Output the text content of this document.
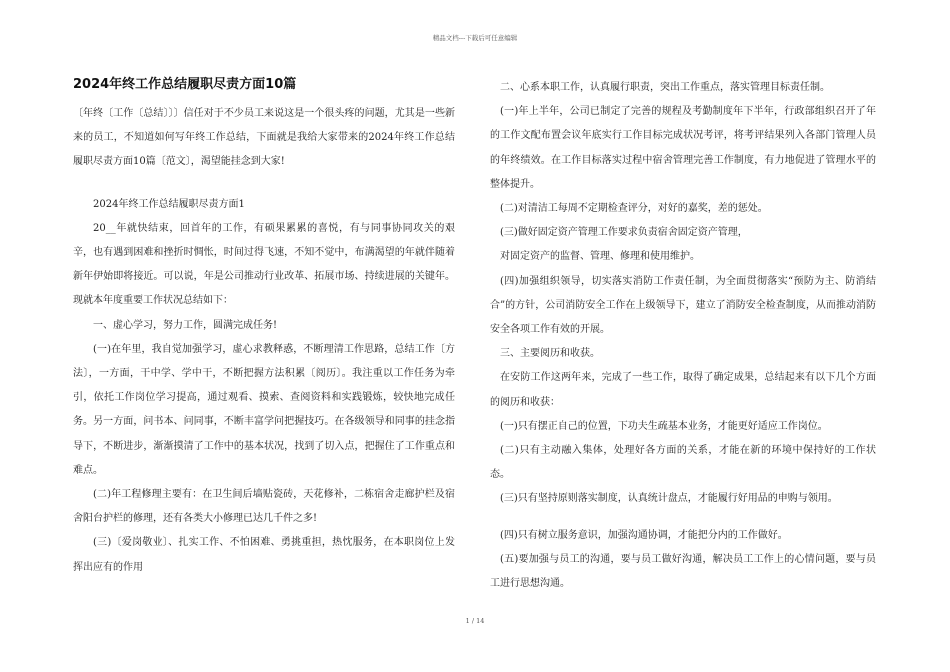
精品文档---下载后可任意编辑
2024年终工作总结履职尽责方面10篇

〔年终〔工作〔总结〕〕〕信任对于不少员工来说这是一个很头疼的问题，尤其是一些新来的员工，不知道如何写年终工作总结，下面就是我给大家带来的2024年终工作总结履职尽责方面10篇〔范文〕，渴望能挂念到大家!

2024年终工作总结履职尽责方面1

20__年就快结束，回首年的工作，有硕果累累的喜悦，有与同事协同攻关的艰辛，也有遇到困难和挫折时惆怅，时间过得飞速，不知不觉中，布满渴望的年就伴随着新年伊始即将接近。可以说，年是公司推动行业改革、拓展市场、持续进展的关键年。现就本年度重要工作状况总结如下：

一、虚心学习，努力工作，圆满完成任务!

(一)在年里，我自觉加强学习，虚心求教释惑，不断理清工作思路，总结工作〔方法〕，一方面，干中学、学中干，不断把握方法积累〔阅历〕。我注重以工作任务为牵引，依托工作岗位学习提高，通过观看、摸索、查阅资料和实践锻炼，较快地完成任务。另一方面，问书本、问同事，不断丰富学问把握技巧。在各级领导和同事的挂念指导下，不断进步，渐渐摸清了工作中的基本状况，找到了切入点，把握住了工作重点和难点。

(二)年工程修理主要有：在卫生间后墙贴瓷砖，天花修补，二栋宿舍走廊护栏及宿舍阳台护栏的修理，还有各类大小修理已达几千件之多!

(三)〔爱岗敬业〕、扎实工作、不怕困难、勇挑重担，热忱服务，在本职岗位上发挥出应有的作用

二、心系本职工作，认真履行职责，突出工作重点，落实管理目标责任制。

(一)年上半年，公司已制定了完善的规程及考勤制度年下半年，行政部组织召开了年的工作文配布置会议年底实行工作目标完成状况考评，将考评结果列入各部门管理人员的年终绩效。在工作目标落实过程中宿舍管理完善工作制度，有力地促进了管理水平的整体提升。

(二)对清洁工每周不定期检查评分，对好的嘉奖，差的惩处。

(三)做好固定资产管理工作要求负责宿舍固定资产管理，

对固定资产的监督、管理、修理和使用维护。

(四)加强组织领导，切实落实消防工作责任制，为全面贯彻落实“预防为主、防消结合”的方针，公司消防安全工作在上级领导下，建立了消防安全检查制度，从而推动消防安全各项工作有效的开展。

三、主要阅历和收获。

在安防工作这两年来，完成了一些工作，取得了确定成果，总结起来有以下几个方面的阅历和收获：

(一)只有摆正自己的位置，下功夫生疏基本业务，才能更好适应工作岗位。

(二)只有主动融入集体，处理好各方面的关系，才能在新的环境中保持好的工作状态。

(三)只有坚持原则落实制度，认真统计盘点，才能履行好用品的申购与领用。

(四)只有树立服务意识，加强沟通协调，才能把分内的工作做好。

(五)要加强与员工的沟通，要与员工做好沟通，解决员工工作上的心情问题，要与员工进行思想沟通。

1 / 14
